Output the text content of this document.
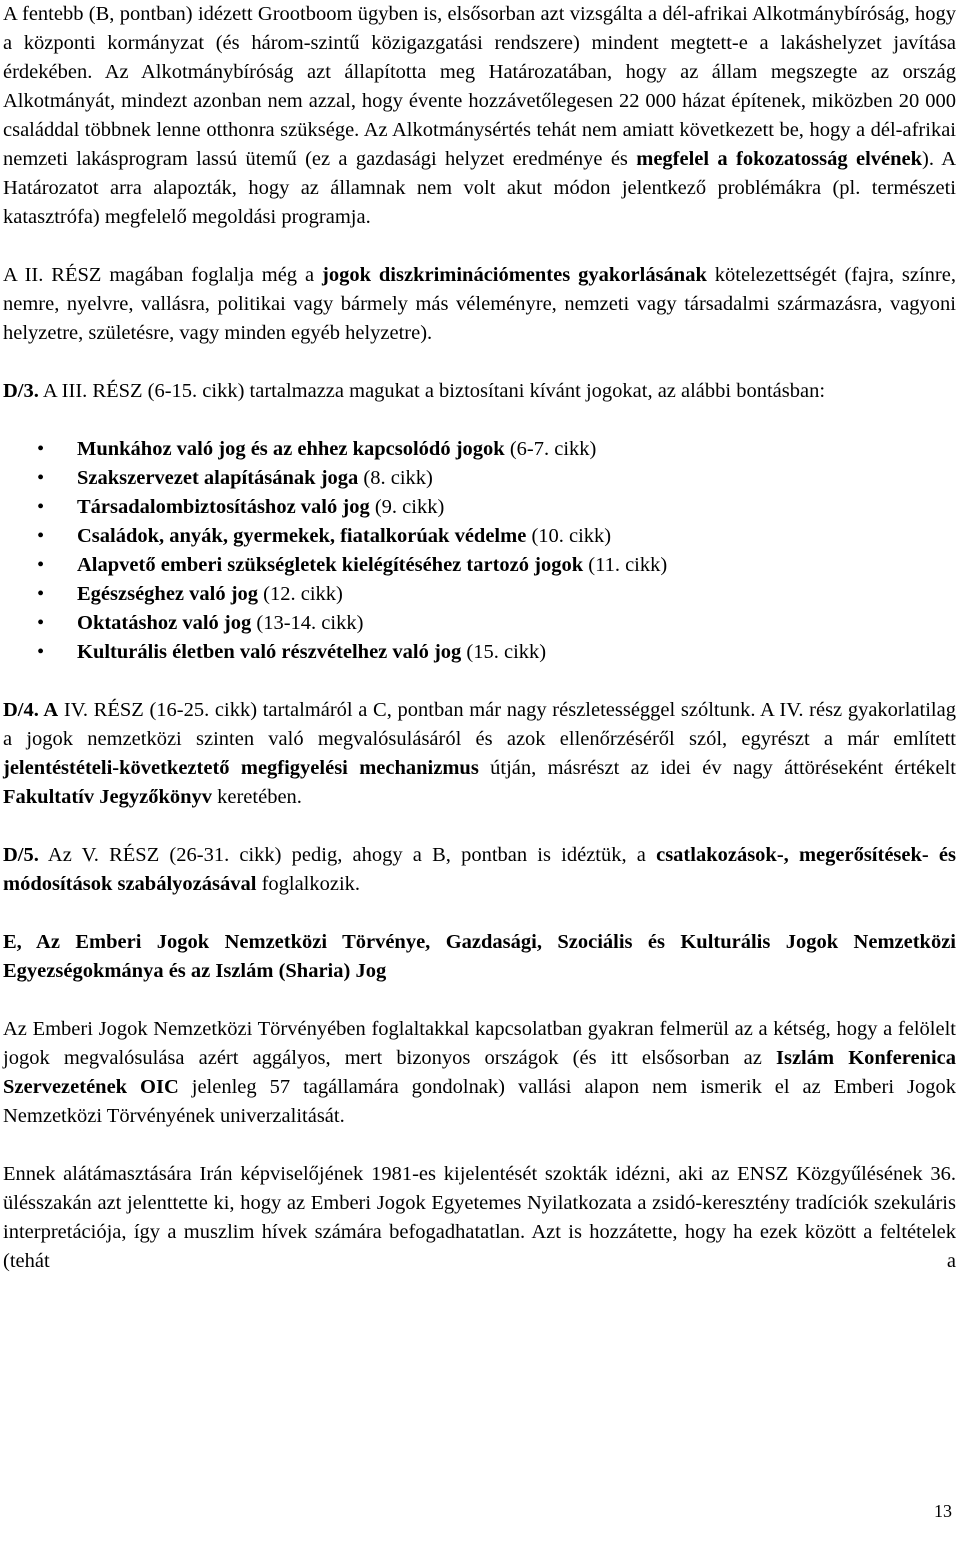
A fentebb (B, pontban) idézett Grootboom ügyben is, elsősorban azt vizsgálta a dél-afrikai Alkotmánybíróság, hogy a központi kormányzat (és három-szintű közigazgatási rendszere) mindent megtett-e a lakáshelyzet javítása érdekében. Az Alkotmánybíróság azt állapította meg Határozatában, hogy az állam megszegte az ország Alkotmányát, mindezt azonban nem azzal, hogy évente hozzávetőlegesen 22 000 házat építenek, miközben 20 000 családdal többnek lenne otthonra szüksége. Az Alkotmánysértés tehát nem amiatt következett be, hogy a dél-afrikai nemzeti lakásprogram lassú ütemű (ez a gazdasági helyzet eredménye és megfelel a fokozatosság elvének). A Határozatot arra alapozták, hogy az államnak nem volt akut módon jelentkező problémákra (pl. természeti katasztrófa) megfelelő megoldási programja.

A II. RÉSZ magában foglalja még a jogok diszkriminációmentes gyakorlásának kötelezettségét (fajra, színre, nemre, nyelvre, vallásra, politikai vagy bármely más véleményre, nemzeti vagy társadalmi származásra, vagyoni helyzetre, születésre, vagy minden egyéb helyzetre).

D/3. A III. RÉSZ (6-15. cikk) tartalmazza magukat a biztosítani kívánt jogokat, az alábbi bontásban:

• Munkához való jog és az ehhez kapcsolódó jogok (6-7. cikk)
• Szakszervezet alapításának joga (8. cikk)
• Társadalombiztosításhoz való jog (9. cikk)
• Családok, anyák, gyermekek, fiatalkorúak védelme (10. cikk)
• Alapvető emberi szükségletek kielégítéséhez tartozó jogok (11. cikk)
• Egészséghez való jog (12. cikk)
• Oktatáshoz való jog (13-14. cikk)
• Kulturális életben való részvételhez való jog (15. cikk)

D/4. A IV. RÉSZ (16-25. cikk) tartalmáról a C, pontban már nagy részletességgel szóltunk. A IV. rész gyakorlatilag a jogok nemzetközi szinten való megvalósulásáról és azok ellenőrzéséről szól, egyrészt a már említett jelentéstételi-következtető megfigyelési mechanizmus útján, másrészt az idei év nagy áttöréseként értékelt Fakultatív Jegyzőkönyv keretében.

D/5. Az V. RÉSZ (26-31. cikk) pedig, ahogy a B, pontban is idéztük, a csatlakozások-, megerősítések- és módosítások szabályozásával foglalkozik.

E, Az Emberi Jogok Nemzetközi Törvénye, Gazdasági, Szociális és Kulturális Jogok Nemzetközi Egyezségokmánya és az Iszlám (Sharia) Jog

Az Emberi Jogok Nemzetközi Törvényében foglaltakkal kapcsolatban gyakran felmerül az a kétség, hogy a felölelt jogok megvalósulása azért aggályos, mert bizonyos országok (és itt elsősorban az Iszlám Konferenica Szervezetének OIC jelenleg 57 tagállamára gondolnak) vallási alapon nem ismerik el az Emberi Jogok Nemzetközi Törvényének univerzalitását.

Ennek alátámasztására Irán képviselőjének 1981-es kijelentését szokták idézni, aki az ENSZ Közgyűlésének 36. ülésszakán azt jelenttette ki, hogy az Emberi Jogok Egyetemes Nyilatkozata a zsidó-keresztény tradíciók szekuláris interpretációja, így a muszlim hívek számára befogadhatatlan. Azt is hozzátette, hogy ha ezek között a feltételek (tehát a

13
